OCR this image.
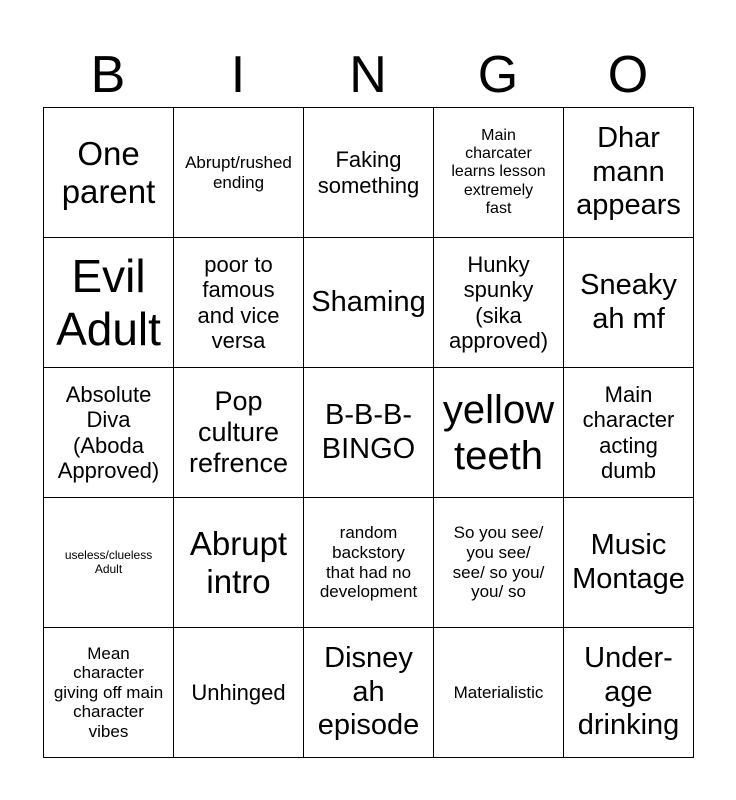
B	I	N	G	O
One
parent	Abrupt/rushed
ending	Faking
something	Main
charcater
learns lesson
extremely
fast	Dhar
mann
appears

Evil
Adult	poor to
famous
and vice
versa	Shaming	Hunky
spunky
(sika
approved)	Sneaky
ah mf

Absolute
Diva
(Aboda
Approved)	Pop
culture
refrence	B-B-B-
BINGO	yellow
teeth	Main
character
acting
dumb

useless/clueless
Adult	Abrupt
intro	random
backstory
that had no
development	So you see/
you see/
see/ so you/
you/ so	Music
Montage

Mean
character
giving off main
character
vibes	Unhinged	Disney
ah
episode	Materialistic	Under-
age
drinking
